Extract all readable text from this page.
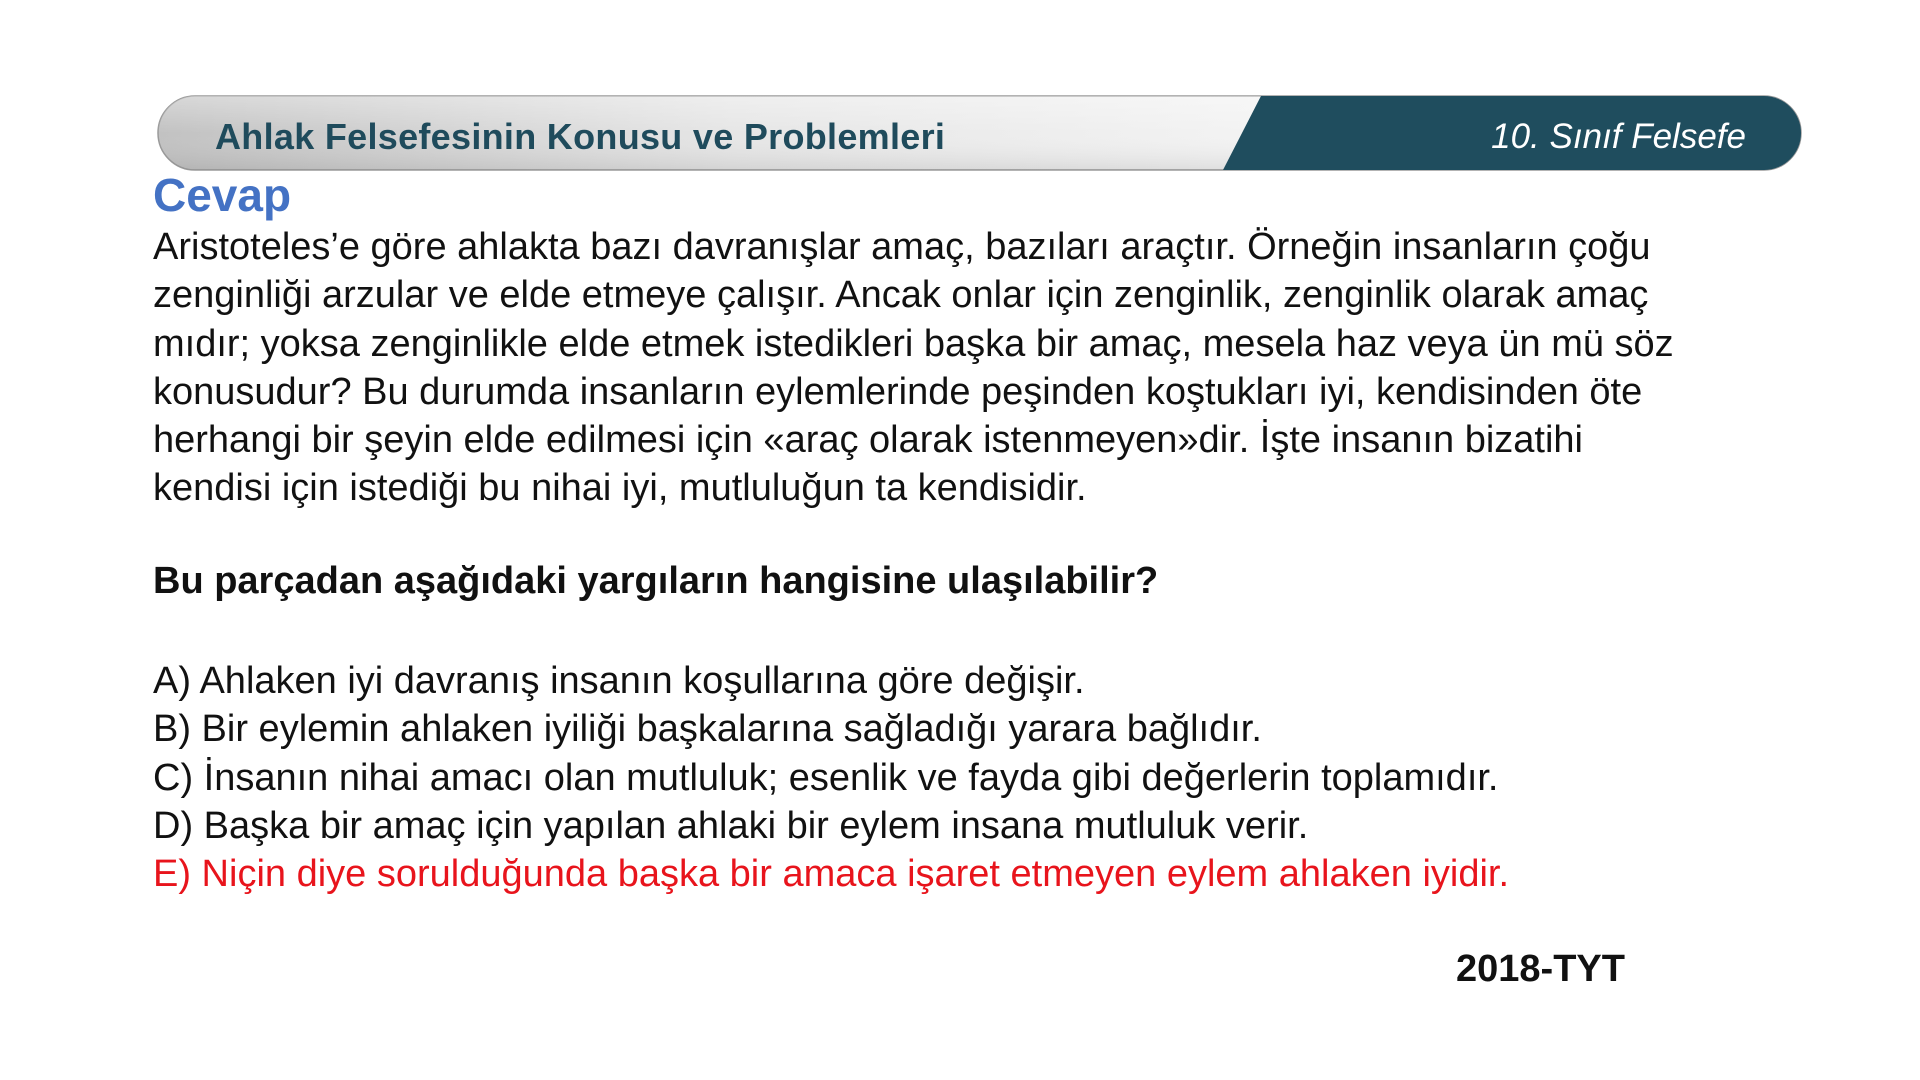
Ahlak Felsefesinin Konusu ve Problemleri	10. Sınıf Felsefe
Cevap
Aristoteles’e göre ahlakta bazı davranışlar amaç, bazıları araçtır. Örneğin insanların çoğu
zenginliği arzular ve elde etmeye çalışır. Ancak onlar için zenginlik, zenginlik olarak amaç
mıdır; yoksa zenginlikle elde etmek istedikleri başka bir amaç, mesela haz veya ün mü söz
konusudur? Bu durumda insanların eylemlerinde peşinden koştukları iyi, kendisinden öte
herhangi bir şeyin elde edilmesi için «araç olarak istenmeyen»dir. İşte insanın bizatihi
kendisi için istediği bu nihai iyi, mutluluğun ta kendisidir.
Bu parçadan aşağıdaki yargıların hangisine ulaşılabilir?
A) Ahlaken iyi davranış insanın koşullarına göre değişir.
B) Bir eylemin ahlaken iyiliği başkalarına sağladığı yarara bağlıdır.
C) İnsanın nihai amacı olan mutluluk; esenlik ve fayda gibi değerlerin toplamıdır.
D) Başka bir amaç için yapılan ahlaki bir eylem insana mutluluk verir.
E) Niçin diye sorulduğunda başka bir amaca işaret etmeyen eylem ahlaken iyidir.
2018-TYT
